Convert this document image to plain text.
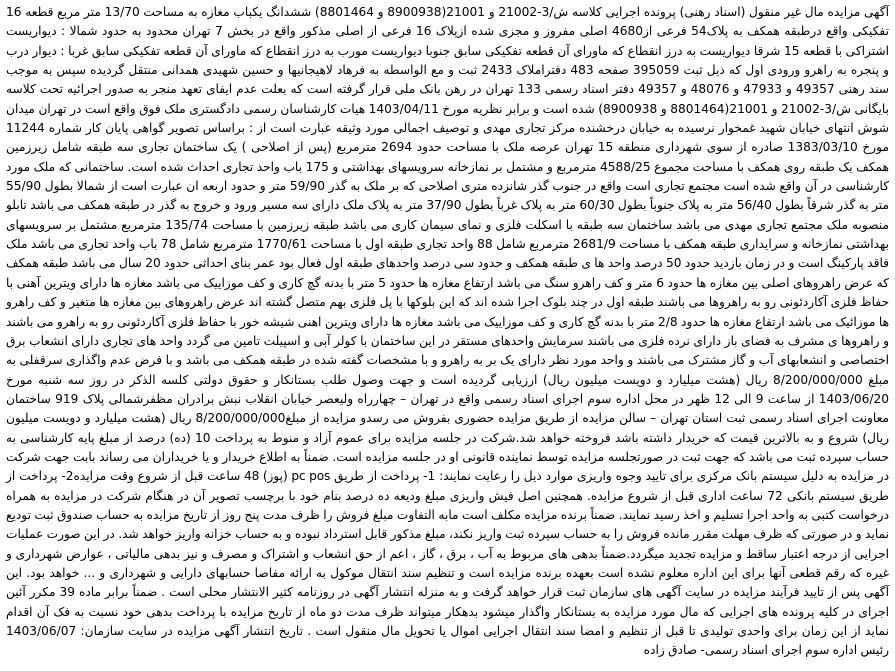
آگهی مزایده مال غیر منقول (اسناد رهنی) پرونده اجرایی کلاسه ش/3-21002 و 21001(8900938 و 8801464) ششدانگ یکباب مغازه به مساحت 13/70 متر مربع قطعه 16 تفکیکی واقع درطبقه همکف به پلاک54 فرعی از4680 اصلی مفروز و مجزی شده ازپلاک 16 فرعی از اصلی مذکور واقع در بخش 7 تهران محدود به حدود شمالا : دیواریست اشتراکی با قطعه 15 شرقا دیواریست به درز انقطاع که ماورای آن قطعه تفکیکی سابق جنوبا دیواریست مورب به درز انقطاع که ماورای آن قطعه تفکیکی سابق غربا : دیوار درب و پنجره به راهرو ورودی اول که ذیل ثبت 395059 صفحه 483 دفتراملاک 2433 ثبت و مع الواسطه به فرهاد لاهیجانیها و حسین شهیدی همدانی منتقل گردیده سپس به موجب سند رهنی 49357 و 47933 و 48076 و 49357 دفتر اسناد رسمی 133 تهران در رهن بانک ملی قرار گرفته است که بعلت عدم ایفای تعهد منجر به صدور اجرائیه تحت کلاسه بایگانی ش/3-21002 و 21001(8801464 و 8900938) شده است و برابر نظریه مورخ 1403/04/11 هیات کارشناسان رسمی دادگستری ملک فوق واقع است در تهران میدان شوش انتهای خیابان شهید غمخوار نرسیده به خیابان درخشنده مرکز تجاری مهدی و توصیف اجمالی مورد وثیقه عبارت است از : براساس تصویر گواهی پایان کار شماره 11244 مورخ 1383/03/10 صادره از سوی شهرداری منطقه 15 تهران عرصه ملک با مساحت حدود 2694 مترمربع (پس از اصلاحی ) یک ساختمان تجاری سه طبقه شامل زیرزمین همکف یک طبقه روی همکف با مساحت مجموع 4588/25 مترمربع و مشتمل بر نمازخانه سرویسهای بهداشتی و 175 باب واحد تجاری احداث شده است. ساختمانی که ملک مورد کارشناسی در آن واقع شده است مجتمع تجاری است واقع در جنوب گذر شانزده متری اصلاحی که بر ملک به گذر 59/90 متر و حدود اربعه ان عبارت است از شمالا بطول 55/90 متر به گذر شرقاً بطول 56/40 متر به پلاک جنوباً بطول 60/30 متر به پلاک غرباً بطول 37/90 متر به پلاک ملک دارای سه مسیر ورود و خروج به گذر در طبقه همکف می باشد تابلو منصوبه ملک مجتمع تجاری مهدی می باشد ساختمان سه طبقه با اسکلت فلزی و نمای سیمان کاری می باشد طبقه زیرزمین با مساحت 135/74 مترمربع مشتمل بر سرویسهای بهداشتی نمازخانه و سرایداری طبقه همکف با مساحت 2681/9 مترمربع شامل 88 واحد تجاری طبقه اول با مساحت 1770/61 مترمربع شامل 78 باب واحد تجاری می باشد ملک فاقد پارکینگ است و در زمان بازدید حدود 50 درصد واحد ها ی طبقه همکف و حدود سی درصد واحدهای طبقه اول فعال بود عمر بنای احداثی حدود 20 سال می باشد طبقه همکف که عرض راهروهای اصلی بین مغازه ها حدود 6 متر و کف راهرو سنگ می باشد ارتفاع مغازه ها حدود 5 متر با بدنه گچ کاری و کف موزاییک می باشد مغازه ها دارای ویترین آهنی با حفاظ فلزی آکاردئونی رو به راهروها می باشند طبقه اول در چند بلوک اجرا شده اند که این بلوکها با پل فلزی بهم متصل گشته اند عرض راهروهای بین مغازه ها متغیر و کف راهرو ها موزائیک می باشد ارتفاع مغازه ها حدود 2/8 متر با بدنه گچ کاری و کف موزاییک می باشد مغازه ها دارای ویترین اهنی شیشه خور با حفاظ فلزی آکاردئونی رو به راهرو می باشند و راهروها ی مشرف به فضای باز دارای نرده فلزی می باشند سرمایش واحدهای مستقر در این ساختمان با کولر آبی و اسپیلت تامین می گردد واحد های تجاری دارای انشعاب برق اختصاصی و انشعابهای آب و گاز مشترک می باشند و واحد مورد نظر دارای یک بر به راهرو و با مشخصات گفته شده در طبقه همکف می باشد و با فرض عدم واگذاری سرقفلی به مبلغ 8/200/000/000 ریال (هشت میلیارد و دویست میلیون ریال) ارزیابی گردیده است و جهت وصول طلب بستانکار و حقوق دولتی کلسه الذکر در روز سه شنبه مورخ 1403/06/20 از ساعت 9 الی 12 ظهر در محل اداره سوم اجرای اسناد رسمی واقع در تهران – چهارراه ولیعصر خیابان انقلاب نبش برادران مظفرشمالی پلاک 919 ساختمان معاونت اجرای اسناد رسمی ثبت استان تهران – سالن مزایده از طریق مزایده حضوری بفروش می رسدو مزایده از مبلغ8/200/000/000 ریال (هشت میلیارد و دویست میلیون ریال) شروع و به بالاترین قیمت که خریدار داشته باشد فروخته خواهد شد.شرکت در جلسه مزایده برای عموم آزاد و منوط به پرداخت 10 (ده) درصد از مبلغ پایه کارشناسی به حساب سپرده ثبت می باشد که جهت ثبت در صورتجلسه مزایده توسط نماینده قانونی او در جلسه مزایده است. ضمناً به اطلاع خریدار و یا خریداران می رساند بابت جهت شرکت در مزایده به دلیل سیستم بانک مرکزی برای تایید وجوه واریزی موارد ذیل را رعایت نمایند: 1- پرداخت از طریق pc pos (پوز) 48 ساعت قبل از شروع وقت مزایده2- پرداخت از طریق سیستم بانکی 72 ساعت اداری قبل از شروع مزایده. همچنین اصل فیش واریزی مبلغ ودیعه ده درصد بنام خود با برچسب تصویر آن در هنگام شرکت در مزایده به همراه درخواست کتبی به واحد اجرا تسلیم و اخذ رسید نمایند. ضمناً برنده مزایده مکلف است مابه التفاوت مبلغ فروش را ظرف مدت پنج روز از تاریخ مزایده به حساب صندوق ثبت تودیع نماید و در صورتی که ظرف مهلت مقرر مانده فروش را به حساب سپرده ثبت واریز نکند، مبلغ مذکور قابل استرداد نبوده و به حساب خزانه واریز خواهد شد. در این صورت عملیات اجرایی از درجه اعتبار ساقط و مزایده تجدید میگردد.ضمناً بدهی های مربوط به آب ، برق ، گاز ، اعم از حق انشعاب و اشتراک و مصرف و نیز بدهی مالیاتی ، عوارض شهرداری و غیره که رقم قطعی آنها برای این اداره معلوم نشده است بعهده برنده مزایده است و تنظیم سند انتقال موکول به ارائه مفاصا حسابهای دارایی و شهرداری و ... خواهد بود. این آگهی پس از تایید فرآیند مزایده در سایت آگهی های سازمان ثبت قرار خواهد گرفت و به منزله انتشار آگهی در روزنامه کثیر الانتشار محلی است . ضمناً برابر ماده 39 مکرر آئین اجرای در کلیه پرونده های اجرایی که مال مورد مزایده به بستانکار واگذار میشود بدهکار میتواند ظرف مدت دو ماه از تاریخ مزایده با پرداخت بدهی خود نسبت به فک آن اقدام نماید از این زمان برای واحدی تولیدی تا قبل از تنظیم و امضا سند انتقال اجرایی اموال یا تحویل مال منقول است . تاریخ انتشار آگهی مزایده در سایت سازمان: 1403/06/07 رئیس اداره سوم اجرای اسناد رسمی- صادق زاده
